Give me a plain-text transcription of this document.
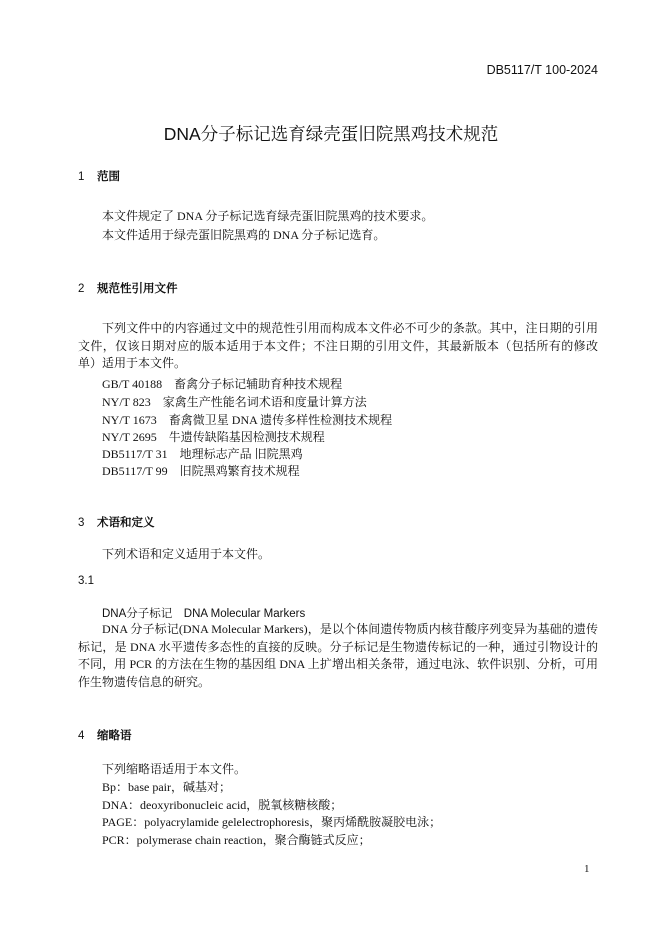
DB5117/T 100-2024
DNA分子标记选育绿壳蛋旧院黑鸡技术规范
1 范围
本文件规定了 DNA 分子标记选育绿壳蛋旧院黑鸡的技术要求。
本文件适用于绿壳蛋旧院黑鸡的 DNA 分子标记选育。
2 规范性引用文件
下列文件中的内容通过文中的规范性引用而构成本文件必不可少的条款。其中，注日期的引用文件，仅该日期对应的版本适用于本文件；不注日期的引用文件，其最新版本（包括所有的修改单）适用于本文件。
GB/T 40188　畜禽分子标记辅助育种技术规程
NY/T 823　家禽生产性能名词术语和度量计算方法
NY/T 1673　畜禽微卫星 DNA 遗传多样性检测技术规程
NY/T 2695　牛遗传缺陷基因检测技术规程
DB5117/T 31　地理标志产品 旧院黑鸡
DB5117/T 99　旧院黑鸡繁育技术规程
3 术语和定义
下列术语和定义适用于本文件。
3.1
DNA分子标记　DNA Molecular Markers
DNA 分子标记(DNA Molecular Markers)，是以个体间遗传物质内核苷酸序列变异为基础的遗传标记，是 DNA 水平遗传多态性的直接的反映。分子标记是生物遗传标记的一种，通过引物设计的不同，用 PCR 的方法在生物的基因组 DNA 上扩增出相关条带，通过电泳、软件识别、分析，可用作生物遗传信息的研究。
4 缩略语
下列缩略语适用于本文件。
Bp：base pair，碱基对；
DNA：deoxyribonucleic acid，脱氧核糖核酸；
PAGE：polyacrylamide gelelectrophoresis，聚丙烯酰胺凝胶电泳；
PCR：polymerase chain reaction，聚合酶链式反应；
1
